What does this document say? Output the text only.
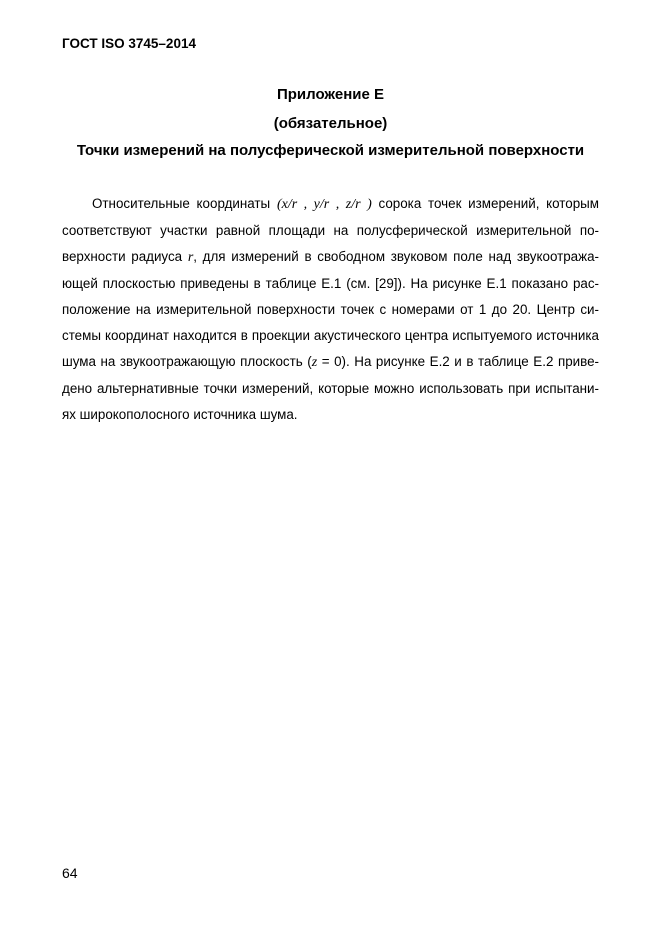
ГОСТ ISO 3745–2014
Приложение Е
(обязательное)
Точки измерений на полусферической измерительной поверхности
Относительные координаты (x/r , y/r , z/r ) сорока точек измерений, которым
соответствуют участки равной площади на полусферической измерительной по-
верхности радиуса r, для измерений в свободном звуковом поле над звукоотража-
ющей плоскостью приведены в таблице Е.1 (см. [29]). На рисунке Е.1 показано рас-
положение на измерительной поверхности точек с номерами от 1 до 20. Центр си-
стемы координат находится в проекции акустического центра испытуемого источника
шума на звукоотражающую плоскость (z = 0). На рисунке Е.2 и в таблице Е.2 приве-
дено альтернативные точки измерений, которые можно использовать при испытани-
ях широкополосного источника шума.
64
